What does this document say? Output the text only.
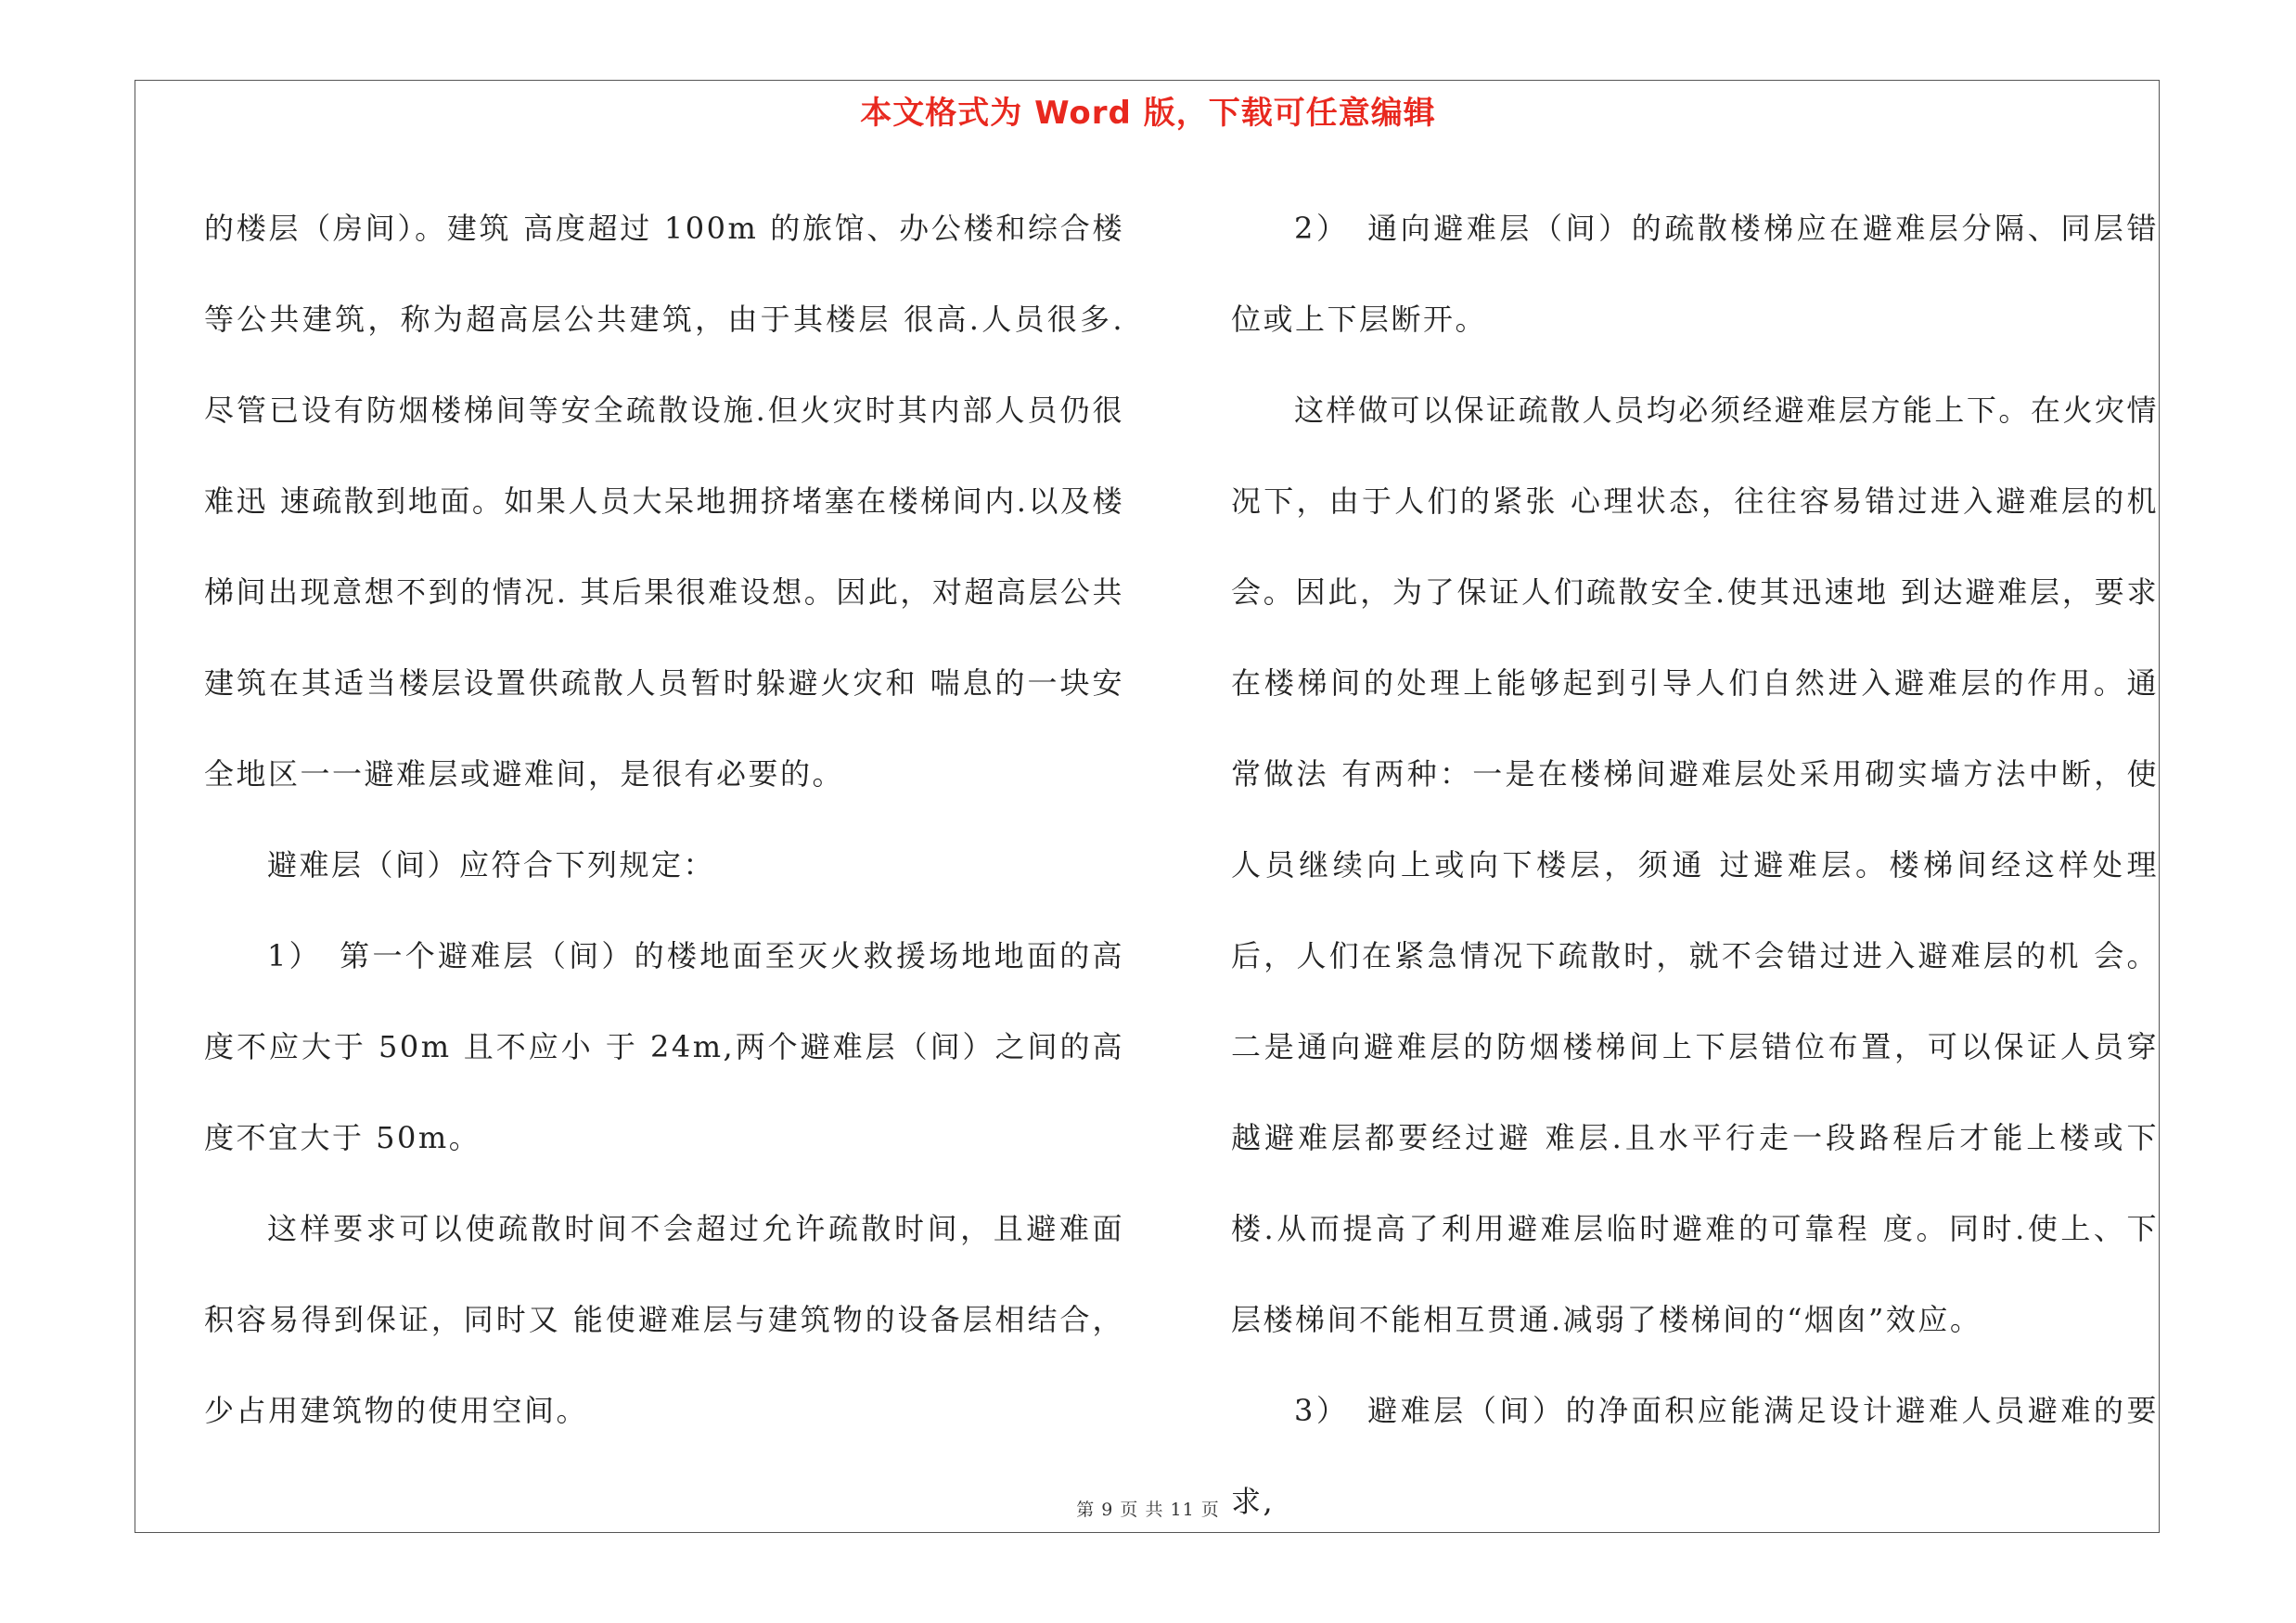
本文格式为 Word 版，下载可任意编辑

的楼层（房间）。建筑 高度超过 100m 的旅馆、办公楼和综合楼等公共建筑，称为超高层公共建筑，由于其楼层 很高.人员很多.尽管已设有防烟楼梯间等安全疏散设施.但火灾时其内部人员仍很难迅 速疏散到地面。如果人员大呆地拥挤堵塞在楼梯间内.以及楼梯间出现意想不到的情况. 其后果很难设想。因此，对超高层公共建筑在其适当楼层设置供疏散人员暂时躲避火灾和 喘息的一块安全地区一一避难层或避难间，是很有必要的。

避难层（间）应符合下列规定：

1）　第一个避难层（间）的楼地面至灭火救援场地地面的高度不应大于 50m 且不应小 于 24m,两个避难层（间）之间的高度不宜大于 50m。

这样要求可以使疏散时间不会超过允许疏散时间，且避难面积容易得到保证，同时又 能使避难层与建筑物的设备层相结合，少占用建筑物的使用空间。

2）　通向避难层（间）的疏散楼梯应在避难层分隔、同层错位或上下层断开。

这样做可以保证疏散人员均必须经避难层方能上下。在火灾情况下，由于人们的紧张 心理状态，往往容易错过进入避难层的机会。因此，为了保证人们疏散安全.使其迅速地 到达避难层，要求在楼梯间的处理上能够起到引导人们自然进入避难层的作用。通常做法 有两种：一是在楼梯间避难层处采用砌实墙方法中断，使人员继续向上或向下楼层，须通 过避难层。楼梯间经这样处理后，人们在紧急情况下疏散时，就不会错过进入避难层的机 会。二是通向避难层的防烟楼梯间上下层错位布置，可以保证人员穿越避难层都要经过避 难层.且水平行走一段路程后才能上楼或下楼.从而提高了利用避难层临时避难的可靠程 度。同时.使上、下层楼梯间不能相互贯通.减弱了楼梯间的“烟囱”效应。

3）　避难层（间）的净面积应能满足设计避难人员避难的要求,

第 9 页 共 11 页
